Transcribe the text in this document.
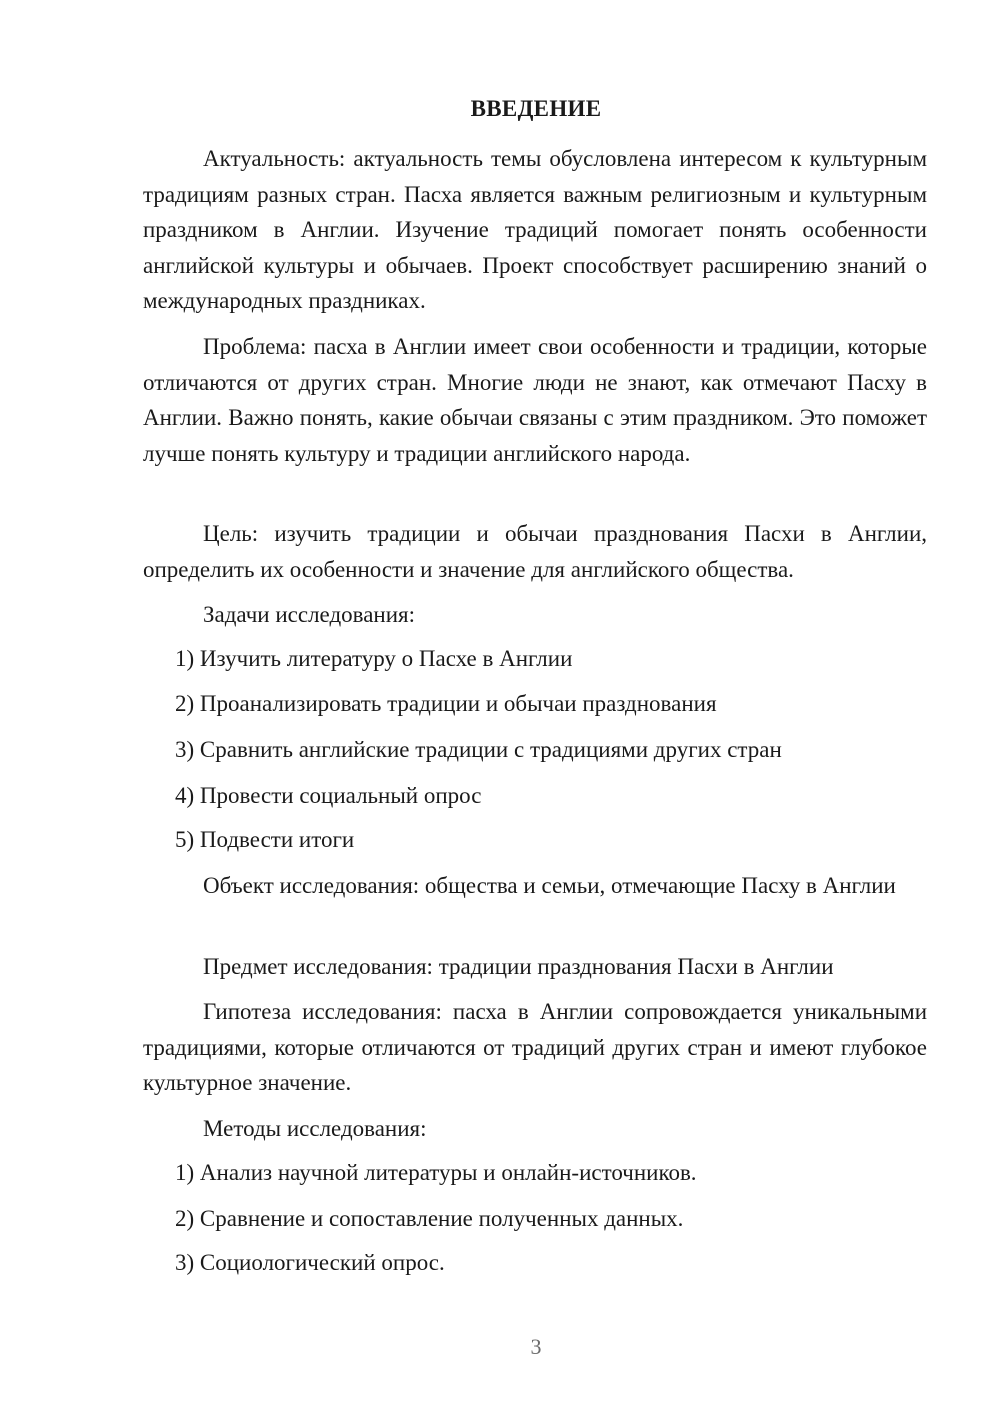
ВВЕДЕНИЕ
Актуальность: актуальность темы обусловлена интересом к культурным традициям разных стран. Пасха является важным религиозным и культурным праздником в Англии. Изучение традиций помогает понять особенности английской культуры и обычаев. Проект способствует расширению знаний о международных праздниках.
Проблема: пасха в Англии имеет свои особенности и традиции, которые отличаются от других стран. Многие люди не знают, как отмечают Пасху в Англии. Важно понять, какие обычаи связаны с этим праздником. Это поможет лучше понять культуру и традиции английского народа.
Цель: изучить традиции и обычаи празднования Пасхи в Англии, определить их особенности и значение для английского общества.
Задачи исследования:
1) Изучить литературу о Пасхе в Англии
2) Проанализировать традиции и обычаи празднования
3) Сравнить английские традиции с традициями других стран
4) Провести социальный опрос
5) Подвести итоги
Объект исследования: общества и семьи, отмечающие Пасху в Англии
Предмет исследования: традиции празднования Пасхи в Англии
Гипотеза исследования: пасха в Англии сопровождается уникальными традициями, которые отличаются от традиций других стран и имеют глубокое культурное значение.
Методы исследования:
1) Анализ научной литературы и онлайн-источников.
2) Сравнение и сопоставление полученных данных.
3) Социологический опрос.
3
